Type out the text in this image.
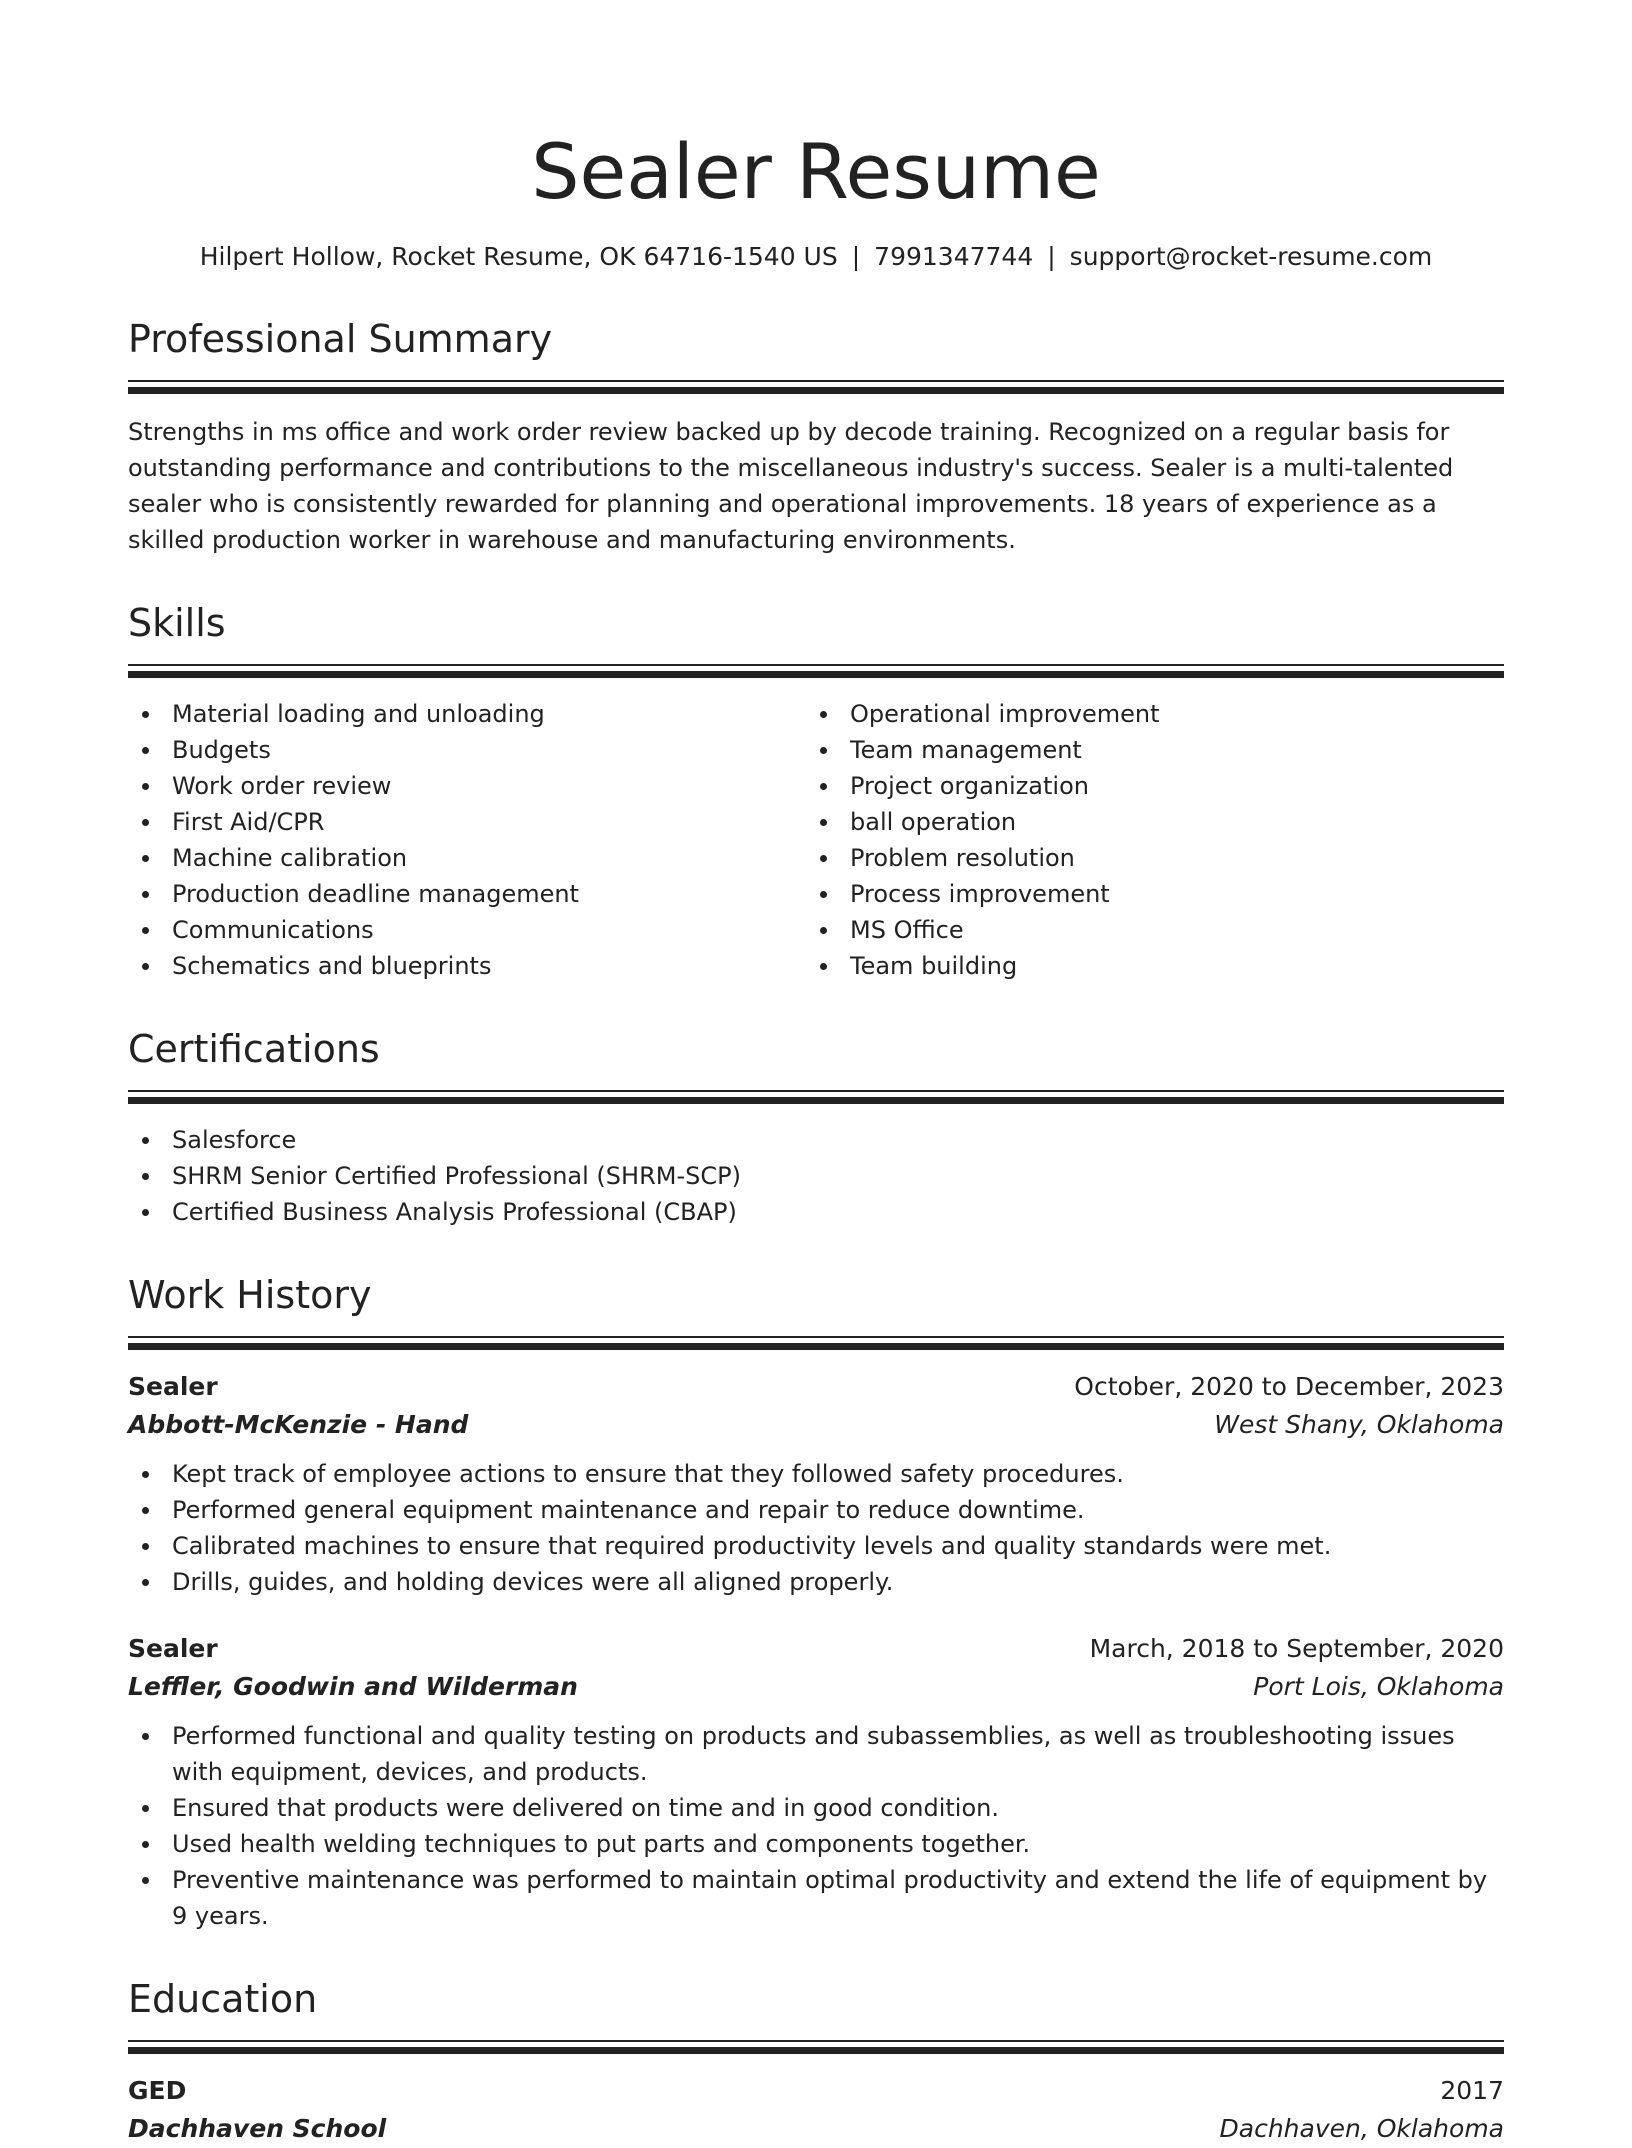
Sealer Resume
Hilpert Hollow, Rocket Resume, OK 64716-1540 US | 7991347744 | support@rocket-resume.com
Professional Summary

Strengths in ms office and work order review backed up by decode training. Recognized on a regular basis for outstanding performance and contributions to the miscellaneous industry's success. Sealer is a multi-talented sealer who is consistently rewarded for planning and operational improvements. 18 years of experience as a skilled production worker in warehouse and manufacturing environments.

Skills
Material loading and unloading
Budgets
Work order review
First Aid/CPR
Machine calibration
Production deadline management
Communications
Schematics and blueprints
Operational improvement
Team management
Project organization
ball operation
Problem resolution
Process improvement
MS Office
Team building
Certifications
Salesforce
SHRM Senior Certified Professional (SHRM-SCP)
Certified Business Analysis Professional (CBAP)
Work History
Sealer	October, 2020 to December, 2023
Abbott-McKenzie - Hand	West Shany, Oklahoma
Kept track of employee actions to ensure that they followed safety procedures.
Performed general equipment maintenance and repair to reduce downtime.
Calibrated machines to ensure that required productivity levels and quality standards were met.
Drills, guides, and holding devices were all aligned properly.
Sealer	March, 2018 to September, 2020
Leffler, Goodwin and Wilderman	Port Lois, Oklahoma
Performed functional and quality testing on products and subassemblies, as well as troubleshooting issues with equipment, devices, and products.
Ensured that products were delivered on time and in good condition.
Used health welding techniques to put parts and components together.
Preventive maintenance was performed to maintain optimal productivity and extend the life of equipment by 9 years.
Education
GED	2017
Dachhaven School	Dachhaven, Oklahoma
